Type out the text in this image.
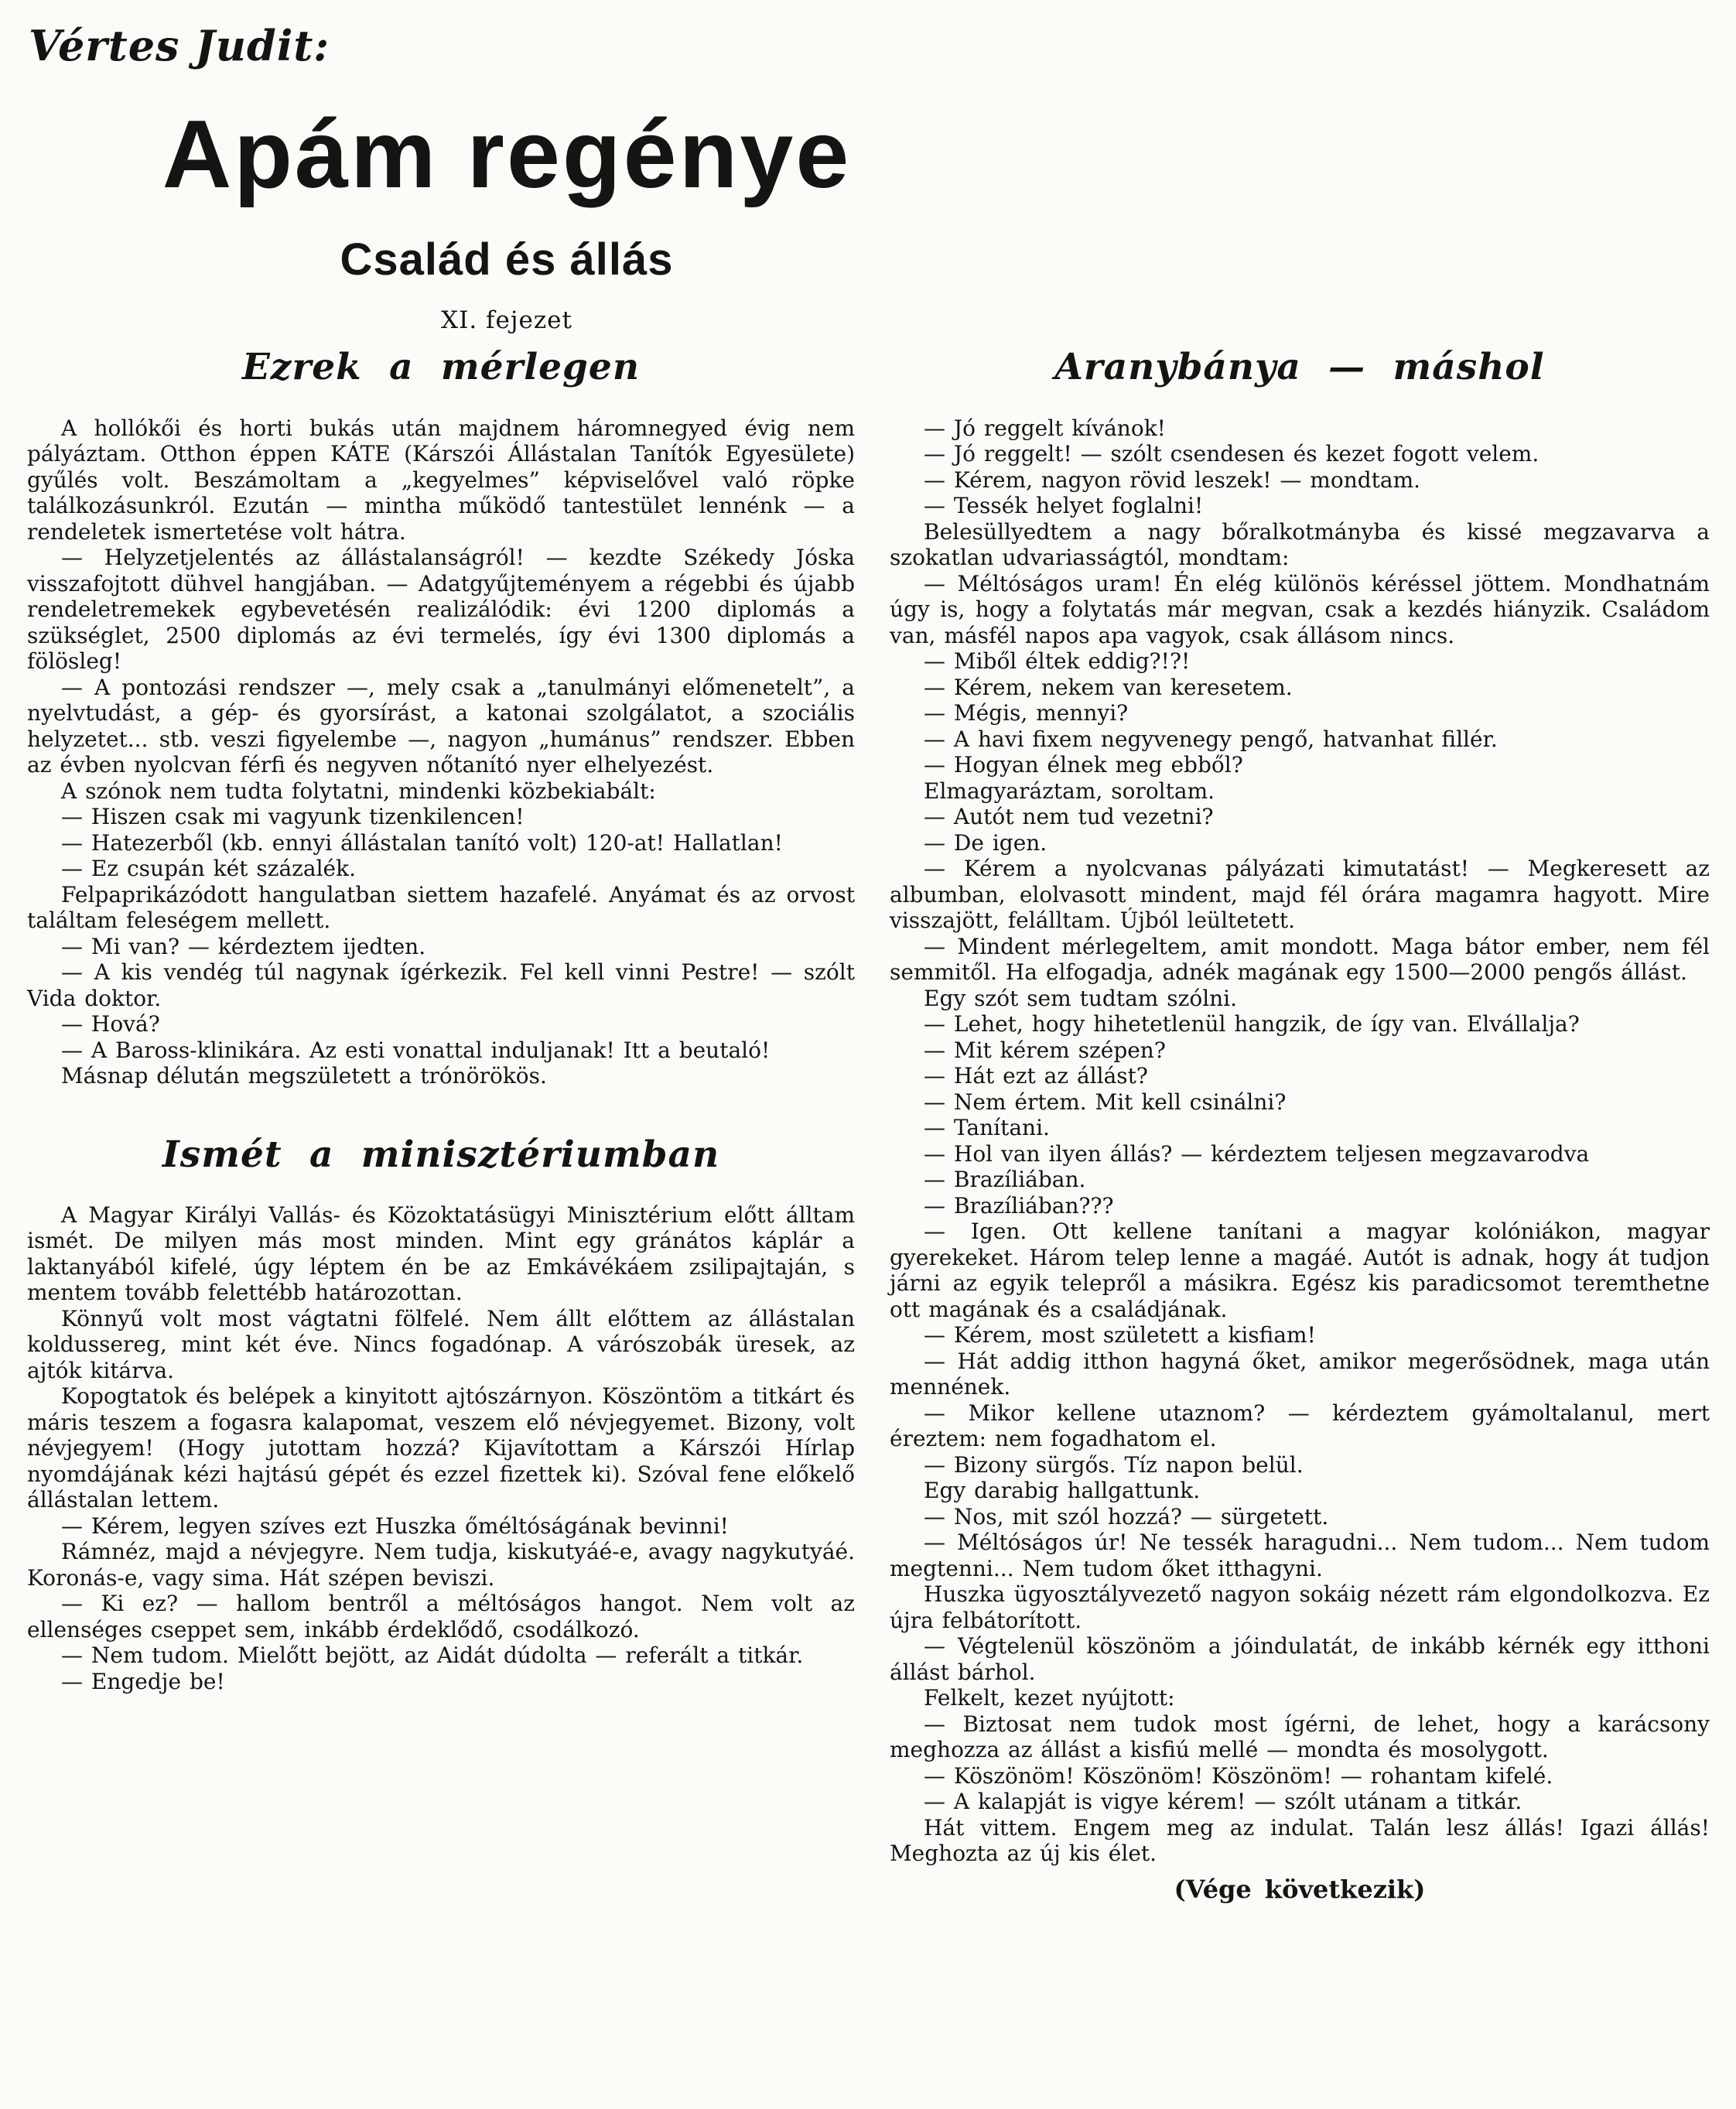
Vértes Judit:
Apám regénye
Család és állás
XI. fejezet
Ezrek a mérlegen

A hollókői és horti bukás után majdnem háromnegyed évig nem pályáztam. Otthon éppen KÁTE (Kárszói Állástalan Tanítók Egyesülete) gyűlés volt. Beszámoltam a „kegyelmes” képviselővel való röpke találkozásunkról. Ezután — mintha működő tantestület lennénk — a rendeletek ismertetése volt hátra.

— Helyzetjelentés az állástalanságról! — kezdte Székedy Jóska visszafojtott dühvel hangjában. — Adatgyűjteményem a régebbi és újabb rendeletremekek egybevetésén realizálódik: évi 1200 diplomás a szükséglet, 2500 diplomás az évi termelés, így évi 1300 diplomás a fölösleg!

— A pontozási rendszer —, mely csak a „tanulmányi előmenetelt”, a nyelvtudást, a gép- és gyorsírást, a katonai szolgálatot, a szociális helyzetet... stb. veszi figyelembe —, nagyon „humánus” rendszer. Ebben az évben nyolcvan férfi és negyven nőtanító nyer elhelyezést.

A szónok nem tudta folytatni, mindenki közbekiabált:

— Hiszen csak mi vagyunk tizenkilencen!

— Hatezerből (kb. ennyi állástalan tanító volt) 120-at! Hallatlan!

— Ez csupán két százalék.

Felpaprikázódott hangulatban siettem hazafelé. Anyámat és az orvost találtam feleségem mellett.

— Mi van? — kérdeztem ijedten.

— A kis vendég túl nagynak ígérkezik. Fel kell vinni Pestre! — szólt Vida doktor.

— Hová?

— A Baross-klinikára. Az esti vonattal induljanak! Itt a beutaló!

Másnap délután megszületett a trónörökös.

Ismét a minisztériumban

A Magyar Királyi Vallás- és Közoktatásügyi Minisztérium előtt álltam ismét. De milyen más most minden. Mint egy gránátos káplár a laktanyából kifelé, úgy léptem én be az Emkávékáem zsilipajtaján, s mentem tovább felettébb határozottan.

Könnyű volt most vágtatni fölfelé. Nem állt előttem az állástalan koldussereg, mint két éve. Nincs fogadónap. A várószobák üresek, az ajtók kitárva.

Kopogtatok és belépek a kinyitott ajtószárnyon. Köszöntöm a titkárt és máris teszem a fogasra kalapomat, veszem elő névjegyemet. Bizony, volt névjegyem! (Hogy jutottam hozzá? Kijavítottam a Kárszói Hírlap nyomdájának kézi hajtású gépét és ezzel fizettek ki). Szóval fene előkelő állástalan lettem.

— Kérem, legyen szíves ezt Huszka őméltóságának bevinni!

Rámnéz, majd a névjegyre. Nem tudja, kiskutyáé-e, avagy nagykutyáé. Koronás-e, vagy sima. Hát szépen beviszi.

— Ki ez? — hallom bentről a méltóságos hangot. Nem volt az ellenséges cseppet sem, inkább érdeklődő, csodálkozó.

— Nem tudom. Mielőtt bejött, az Aidát dúdolta — referált a titkár.

— Engedje be!

Aranybánya — máshol

— Jó reggelt kívánok!

— Jó reggelt! — szólt csendesen és kezet fogott velem.

— Kérem, nagyon rövid leszek! — mondtam.

— Tessék helyet foglalni!

Belesüllyedtem a nagy bőralkotmányba és kissé megzavarva a szokatlan udvariasságtól, mondtam:

— Méltóságos uram! Én elég különös kéréssel jöttem. Mondhatnám úgy is, hogy a folytatás már megvan, csak a kezdés hiányzik. Családom van, másfél napos apa vagyok, csak állásom nincs.

— Miből éltek eddig?!?!

— Kérem, nekem van keresetem.

— Mégis, mennyi?

— A havi fixem negyvenegy pengő, hatvanhat fillér.

— Hogyan élnek meg ebből?

Elmagyaráztam, soroltam.

— Autót nem tud vezetni?

— De igen.

— Kérem a nyolcvanas pályázati kimutatást! — Megkeresett az albumban, elolvasott mindent, majd fél órára magamra hagyott. Mire visszajött, felálltam. Újból leültetett.

— Mindent mérlegeltem, amit mondott. Maga bátor ember, nem fél semmitől. Ha elfogadja, adnék magának egy 1500—2000 pengős állást.

Egy szót sem tudtam szólni.

— Lehet, hogy hihetetlenül hangzik, de így van. Elvállalja?

— Mit kérem szépen?

— Hát ezt az állást?

— Nem értem. Mit kell csinálni?

— Tanítani.

— Hol van ilyen állás? — kérdeztem teljesen megzavarodva

— Brazíliában.

— Brazíliában???

— Igen. Ott kellene tanítani a magyar kolóniákon, magyar gyerekeket. Három telep lenne a magáé. Autót is adnak, hogy át tudjon járni az egyik telepről a másikra. Egész kis paradicsomot teremthetne ott magának és a családjának.

— Kérem, most született a kisfiam!

— Hát addig itthon hagyná őket, amikor megerősödnek, maga után mennének.

— Mikor kellene utaznom? — kérdeztem gyámoltalanul, mert éreztem: nem fogadhatom el.

— Bizony sürgős. Tíz napon belül.

Egy darabig hallgattunk.

— Nos, mit szól hozzá? — sürgetett.

— Méltóságos úr! Ne tessék haragudni... Nem tudom... Nem tudom megtenni... Nem tudom őket itthagyni.

Huszka ügyosztályvezető nagyon sokáig nézett rám elgondolkozva. Ez újra felbátorított.

— Végtelenül köszönöm a jóindulatát, de inkább kérnék egy itthoni állást bárhol.

Felkelt, kezet nyújtott:

— Biztosat nem tudok most ígérni, de lehet, hogy a karácsony meghozza az állást a kisfiú mellé — mondta és mosolygott.

— Köszönöm! Köszönöm! Köszönöm! — rohantam kifelé.

— A kalapját is vigye kérem! — szólt utánam a titkár.

Hát vittem. Engem meg az indulat. Talán lesz állás! Igazi állás! Meghozta az új kis élet.

(Vége következik)
